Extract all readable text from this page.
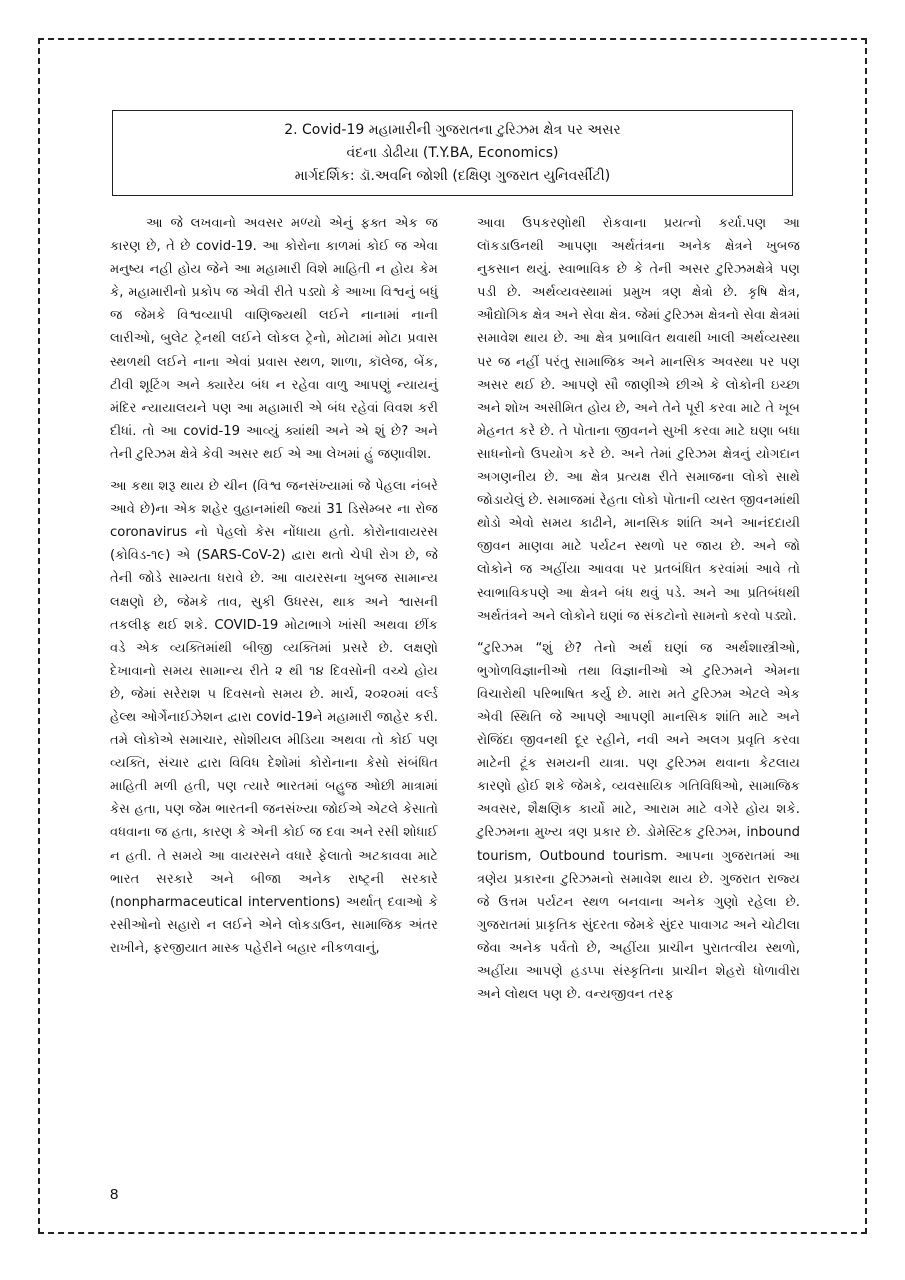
2. Covid-19 મહામારીની ગુજરાતના ટુરિઝમ ક્ષેત્ર પર અસર
વંદના ડોઢીયા (T.Y.BA, Economics)
માર્ગદર્શિક: ડૉ.અવનિ જોશી (દક્ષિણ ગુજરાત યુનિવર્સીટી)

આ જે લખવાનો અવસર મળ્યો એનું ફક્ત એક જ કારણ છે, તે છે covid-19. આ કોરોના કાળમાં કોઈ જ એવા મનુષ્ય નહી હોય જેને આ મહામારી વિશે માહિતી ન હોય કેમ કે, મહામારીનો પ્રકોપ જ એવી રીતે પડ્યો કે આખા વિશ્વનું બધું જ જેમકે વિશ્વવ્યાપી વાણિજ્યથી લઈને નાનામાં નાની લારીઓ, બુલેટ ટ્રેનથી લઈને લોકલ ટ્રેનો, મોટામાં મોટા પ્રવાસ સ્થળથી લઈને નાના એવાં પ્રવાસ સ્થળ, શાળા, કૉલેજ, બેંક, ટીવી શૂટિંગ અને ક્યારેય બંધ ન રહેવા વાળુ આપણું ન્યાયનું મંદિર ન્યાયાલયને પણ આ મહામારી એ બંધ રહેવાં વિવશ કરી દીધાં. તો આ covid-19 આવ્યું ક્યાંથી અને એ શું છે? અને તેની ટુરિઝમ ક્ષેત્રે કેવી અસર થઈ એ આ લેખમાં હું જણાવીશ.

આ કથા શરૂ થાય છે ચીન (વિશ્વ જનસંખ્યામાં જે પેહલા નંબરે આવે છે)ના એક શહેર વુહાનમાંથી જ્યાં 31 ડિસેમ્બર ના રોજ coronavirus નો પેહલો કેસ નોંધાયા હતો. કોરોનાવાયરસ (કોવિડ-૧૯) એ (SARS-CoV-2) દ્વારા થતો ચેપી રોગ છે, જે તેની જોડે સામ્યતા ધરાવે છે. આ વાયરસના ખુબજ સામાન્ય લક્ષણો છે, જેમકે તાવ, સુકી ઉધરસ, થાક અને શ્વાસની તકલીફ થઈ શકે. COVID-19 મોટાભાગે ખાંસી અથવા છીંક વડે એક વ્યક્તિમાંથી બીજી વ્યક્તિમાં પ્રસરે છે. લક્ષણો દેખાવાનો સમય સામાન્ય રીતે ૨ થી ૧૪ દિવસોની વચ્ચે હોય છે, જેમાં સરેરાશ ૫ દિવસનો સમય છે. માર્ચ, ૨૦૨૦માં વર્લ્ડ હેલ્થ ઓર્ગેનાઈઝેશન દ્વારા covid-19ને મહામારી જાહેર કરી. તમે લોકોએ સમાચાર, સોશીયલ મીડિયા અથવા તો કોઈ પણ વ્યક્તિ, સંચાર દ્વારા વિવિધ દેશોમાં કોરોનાના કેસો સંબંધિત માહિતી મળી હતી, પણ ત્યારે ભારતમાં બહુજ ઓછી માત્રામાં કેસ હતા, પણ જેમ ભારતની જનસંખ્યા જોઈએ એટલે કેસાતો વધવાના જ હતા, કારણ કે એની કોઈ જ દવા અને રસી શોધાઈ ન હતી. તે સમયે આ વાયરસને વધારે ફેલાતો અટકાવવા માટે ભારત સરકારે અને બીજા અનેક રાષ્ટ્રની સરકારે (nonpharmaceutical interventions) અર્થાત્ દવાઓ કે રસીઓનો સહારો ન લઈને એને લોકડાઉન, સામાજિક અંતર રાખીને, ફરજીયાત માસ્ક પહેરીને બહાર નીકળવાનું,

આવા ઉપકરણોથી રોકવાના પ્રયત્નો કર્યા.પણ આ લૉકડાઉનથી આપણા અર્થતંત્રના અનેક ક્ષેત્રને ખુબજ નુકસાન થયું. સ્વાભાવિક છે કે તેની અસર ટુરિઝમક્ષેત્રે પણ પડી છે. અર્થવ્યવસ્થામાં પ્રમુખ ત્રણ ક્ષેત્રો છે. કૃષિ ક્ષેત્ર, ઔદ્યોગિક ક્ષેત્ર અને સેવા ક્ષેત્ર. જેમાં ટુરિઝમ ક્ષેત્રનો સેવા ક્ષેત્રમાં સમાવેશ થાય છે. આ ક્ષેત્ર પ્રભાવિત થવાથી ખાલી અર્થવ્યસ્થા પર જ નહીં પરંતુ સામાજિક અને માનસિક અવસ્થા પર પણ અસર થઈ છે. આપણે સૌ જાણીએ છીએ કે લોકોની ઇચ્છા અને શોખ અસીમિત હોય છે, અને તેને પૂરી કરવા માટે તે ખૂબ મેહનત કરે છે. તે પોતાના જીવનને સુખી કરવા માટે ઘણા બધા સાધનોનો ઉપયોગ કરે છે. અને તેમાં ટુરિઝમ ક્ષેત્રનું યોગદાન અગણનીય છે. આ ક્ષેત્ર પ્રત્યક્ષ રીતે સમાજના લોકો સાથે જોડાયેલું છે. સમાજમાં રેહતા લોકો પોતાની વ્યસ્ત જીવનમાંથી થોડો એવો સમય કાઢીને, માનસિક શાંતિ અને આનંદદાયી જીવન માણવા માટે પર્યટન સ્થળો પર જાય છે. અને જો લોકોને જ અહીંયા આવવા પર પ્રતબંધિત કરવાંમાં આવે તો સ્વાભાવિકપણે આ ક્ષેત્રને બંધ થવું પડે. અને આ પ્રતિબંધથી અર્થતંત્રને અને લોકોને ઘણાં જ સંકટોનો સામનો કરવો પડ્યો.

“ટુરિઝમ “શું છે? તેનો અર્થ ઘણાં જ અર્થશાસ્ત્રીઓ, ભુગોળવિજ્ઞાનીઓ તથા વિજ્ઞાનીઓ એ ટુરિઝમને એમના વિચારોથી પરિભાષિત કર્યુ છે. મારા મતે ટુરિઝમ એટલે એક એવી સ્થિતિ જે આપણે આપણી માનસિક શાંતિ માટે અને રોજિંદા જીવનથી દૂર રહીને, નવી અને અલગ પ્રવૃતિ કરવા માટેની ટૂંક સમયની યાત્રા. પણ ટુરિઝમ થવાના કેટલાય કારણો હોઈ શકે જેમકે, વ્યવસાયિક ગતિવિધિઓ, સામાજિક અવસર, શૈક્ષણિક કાર્યો માટે, આરામ માટે વગેરે હોય શકે. ટુરિઝમના મુખ્ય ત્રણ પ્રકાર છે. ડોમેસ્ટિક ટુરિઝમ, inbound tourism, Outbound tourism. આપના ગુજરાતમાં આ ત્રણેય પ્રકારના ટુરિઝમનો સમાવેશ થાય છે. ગુજરાત રાજ્ય જે ઉત્તમ પર્યટન સ્થળ બનવાના અનેક ગુણો રહેલા છે. ગુજરાતમાં પ્રાકૃતિક સુંદરતા જેમકે સુંદર પાવાગઢ અને ચોટીલા જેવા અનેક પર્વતો છે, અહીંયા પ્રાચીન પુરાતત્વીય સ્થળો, અહીંયા આપણે હડપ્પા સંસ્કૃતિના પ્રાચીન શેહરો ધોળાવીરા અને લોથલ પણ છે. વન્યજીવન તરફ

8
